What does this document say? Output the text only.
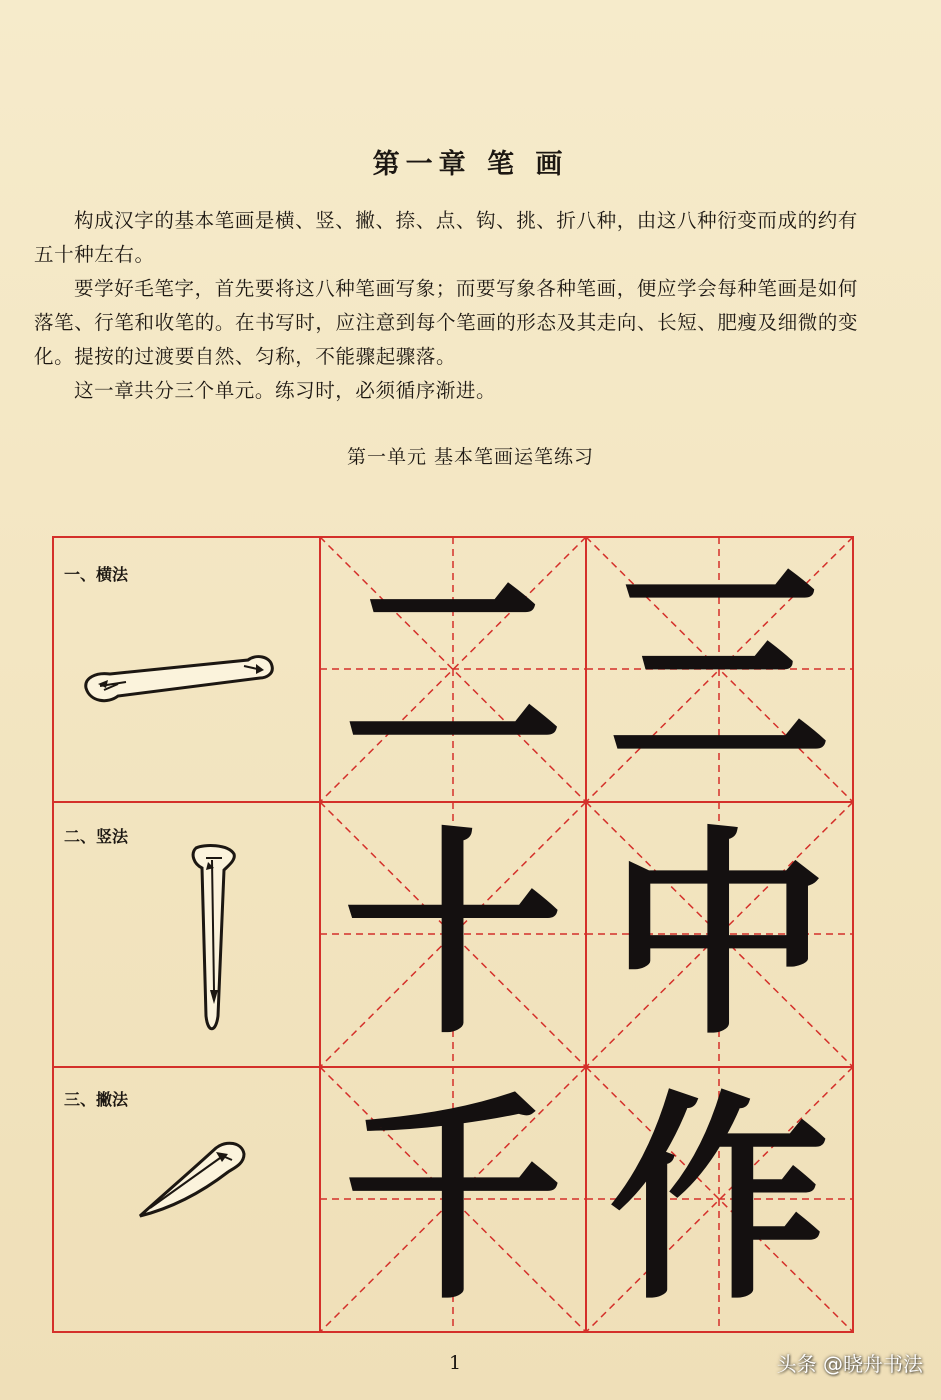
第一章 笔 画

构成汉字的基本笔画是横、竖、撇、捺、点、钩、挑、折八种，由这八种衍变而成的约有五十种左右。

要学好毛笔字，首先要将这八种笔画写象；而要写象各种笔画，便应学会每种笔画是如何落笔、行笔和收笔的。在书写时，应注意到每个笔画的形态及其走向、长短、肥瘦及细微的变化。提按的过渡要自然、匀称，不能骤起骤落。

这一章共分三个单元。练习时，必须循序渐进。

第一单元 基本笔画运笔练习
一、横法
二、竖法
三、撇法
二 三
十 中
千 作
1	头条 @晓舟书法
